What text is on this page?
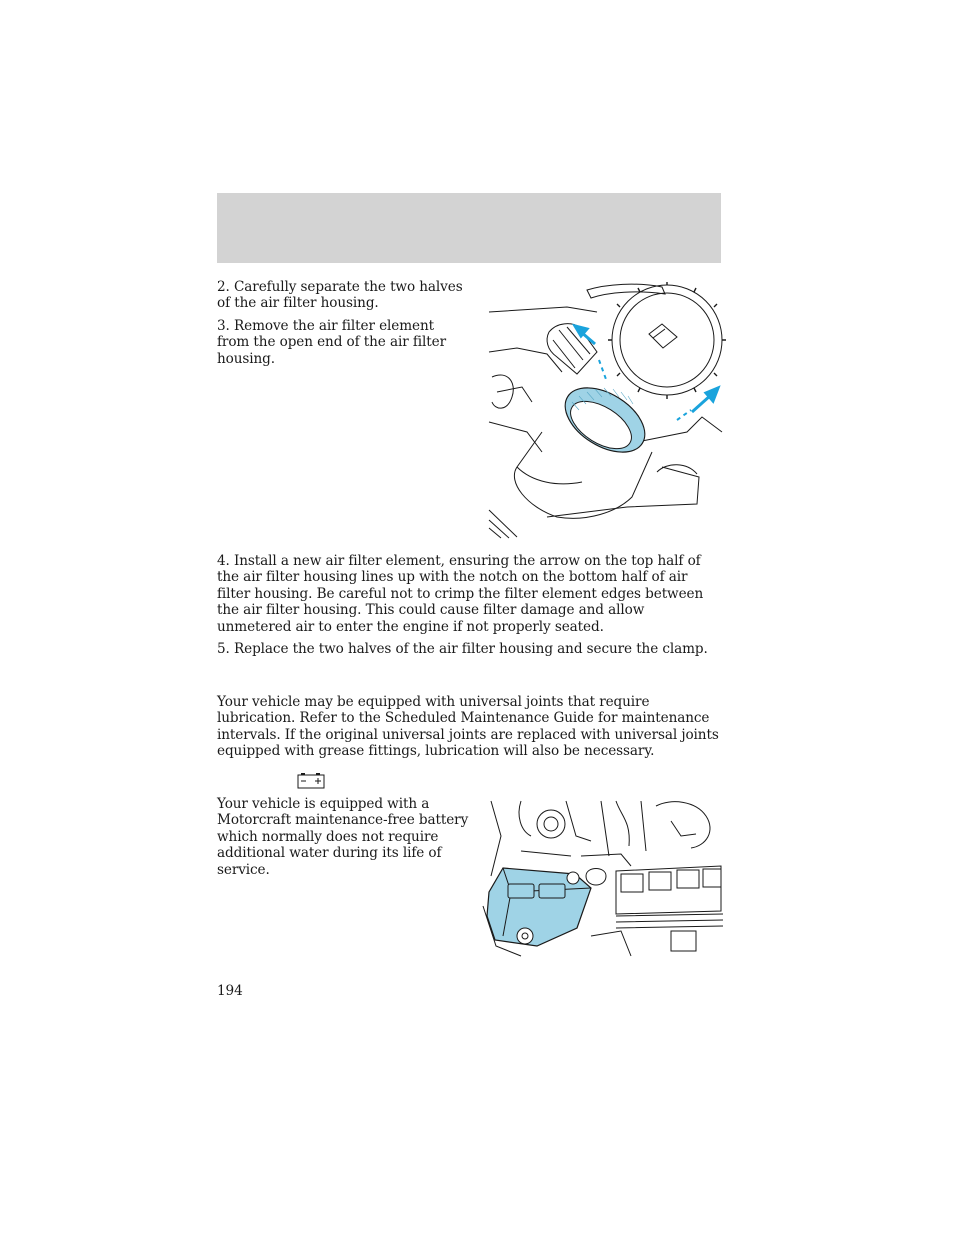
2. Carefully separate the two halves of the air filter housing.

3. Remove the air filter element from the open end of the air filter housing.

4. Install a new air filter element, ensuring the arrow on the top half of the air filter housing lines up with the notch on the bottom half of air filter housing. Be careful not to crimp the filter element edges between the air filter housing. This could cause filter damage and allow unmetered air to enter the engine if not properly seated.

5. Replace the two halves of the air filter housing and secure the clamp.

Your vehicle may be equipped with universal joints that require lubrication. Refer to the Scheduled Maintenance Guide for maintenance intervals. If the original universal joints are replaced with universal joints equipped with grease fittings, lubrication will also be necessary.

Your vehicle is equipped with a Motorcraft maintenance-free battery which normally does not require additional water during its life of service.

194
